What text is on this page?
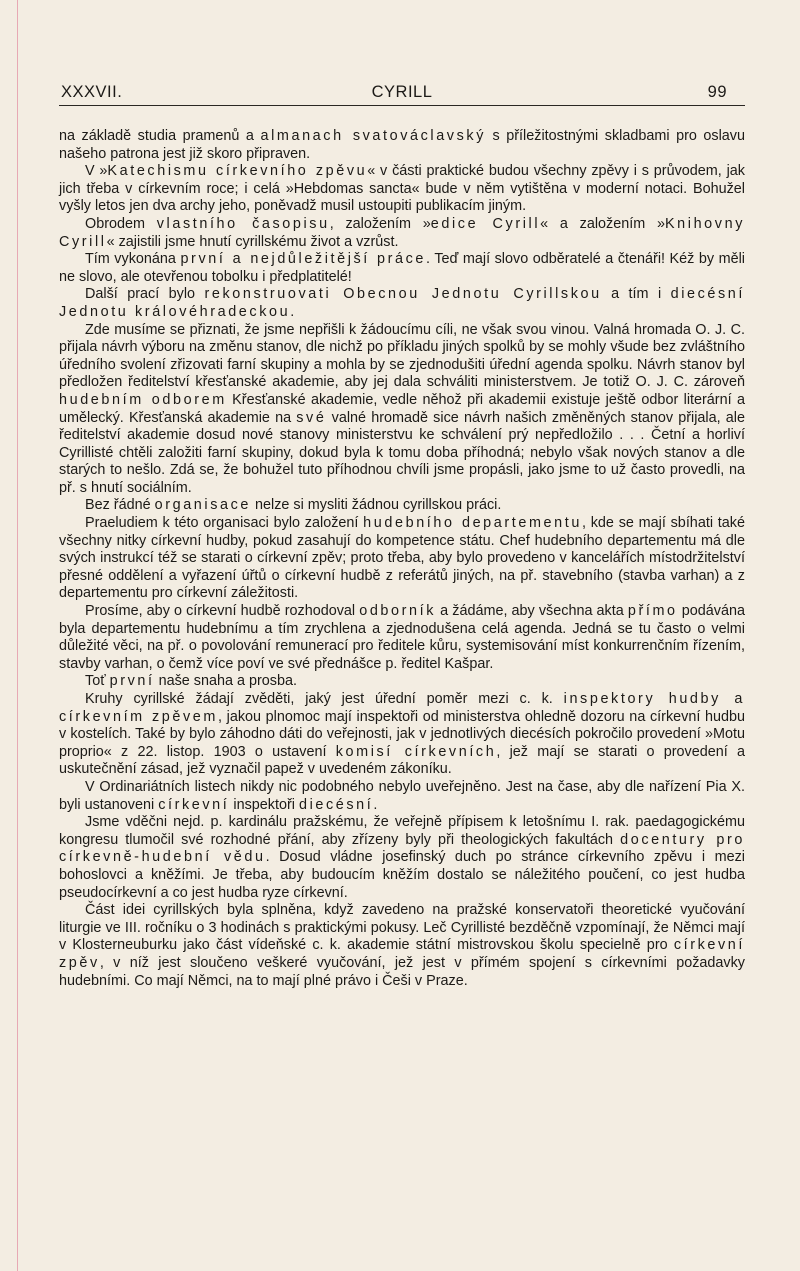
XXXVII.	CYRILL	99

na základě studia pramenů a almanach svatováclavský s příležitostnými skladbami pro oslavu našeho patrona jest již skoro připraven.

V »Katechismu církevního zpěvu« v části praktické budou všechny zpěvy i s průvodem, jak jich třeba v církevním roce; i celá »Hebdomas sancta« bude v něm vytištěna v moderní notaci. Bohužel vyšly letos jen dva archy jeho, poněvadž musil ustoupiti publikacím jiným.

Obrodem vlastního časopisu, založením »edice Cyrill« a založením »Knihovny Cyrill« zajistili jsme hnutí cyrillskému život a vzrůst.

Tím vykonána první a nejdůležitější práce. Teď mají slovo odběratelé a čtenáři! Kéž by měli ne slovo, ale otevřenou tobolku i předplatitelé!

Další prací bylo rekonstruovati Obecnou Jednotu Cyrillskou a tím i diecésní Jednotu královéhradeckou.

Zde musíme se přiznati, že jsme nepřišli k žádoucímu cíli, ne však svou vinou. Valná hromada O. J. C. přijala návrh výboru na změnu stanov, dle nichž po příkladu jiných spolků by se mohly všude bez zvláštního úředního svolení zřizovati farní skupiny a mohla by se zjednodušiti úřední agenda spolku. Návrh stanov byl předložen ředitelství křesťanské akademie, aby jej dala schváliti ministerstvem. Je totiž O. J. C. zároveň hudebním odborem Křesťanské akademie, vedle něhož při akademii existuje ještě odbor literární a umělecký. Křesťanská akademie na své valné hromadě sice návrh našich změněných stanov přijala, ale ředitelství akademie dosud nové stanovy ministerstvu ke schválení prý nepředložilo . . . Četní a horliví Cyrillisté chtěli založiti farní skupiny, dokud byla k tomu doba příhodná; nebylo však nových stanov a dle starých to nešlo. Zdá se, že bohužel tuto příhodnou chvíli jsme propásli, jako jsme to už často provedli, na př. s hnutí sociálním.

Bez řádné organisace nelze si mysliti žádnou cyrillskou práci.

Praeludiem k této organisaci bylo založení hudebního departementu, kde se mají sbíhati také všechny nitky církevní hudby, pokud zasahují do kompetence státu. Chef hudebního departementu má dle svých instrukcí též se starati o církevní zpěv; proto třeba, aby bylo provedeno v kancelářích místodržitelství přesné oddělení a vyřazení úřtů o církevní hudbě z referátů jiných, na př. stavebního (stavba varhan) a z departementu pro církevní záležitosti.

Prosíme, aby o církevní hudbě rozhodoval odborník a žádáme, aby všechna akta přímo podávána byla departementu hudebnímu a tím zrychlena a zjednodušena celá agenda. Jedná se tu často o velmi důležité věci, na př. o povolování remunerací pro ředitele kůru, systemisování míst konkurrenčním řízením, stavby varhan, o čemž více poví ve své přednášce p. ředitel Kašpar.

Toť první naše snaha a prosba.

Kruhy cyrillské žádají zvěděti, jaký jest úřední poměr mezi c. k. inspektory hudby a církevním zpěvem, jakou plnomoc mají inspektoři od ministerstva ohledně dozoru na církevní hudbu v kostelích. Také by bylo záhodno dáti do veřejnosti, jak v jednotlivých diecésích pokročilo provedení »Motu proprio« z 22. listop. 1903 o ustavení komisí církevních, jež mají se starati o provedení a uskutečnění zásad, jež vyznačil papež v uvedeném zákoníku.

V Ordinariátních listech nikdy nic podobného nebylo uveřejněno. Jest na čase, aby dle nařízení Pia X. byli ustanoveni církevní inspektoři diecésní.

Jsme vděčni nejd. p. kardinálu pražskému, že veřejně přípisem k letošnímu I. rak. paedagogickému kongresu tlumočil své rozhodné přání, aby zřízeny byly při theologických fakultách docentury pro církevně-hudební vědu. Dosud vládne josefinský duch po stránce církevního zpěvu i mezi bohoslovci a kněžími. Je třeba, aby budoucím kněžím dostalo se náležitého poučení, co jest hudba pseudocírkevní a co jest hudba ryze církevní.

Část idei cyrillských byla splněna, když zavedeno na pražské konservatoři theoretické vyučování liturgie ve III. ročníku o 3 hodinách s praktickými pokusy. Leč Cyrillisté bezděčně vzpomínají, že Němci mají v Klosterneuburku jako část vídeňské c. k. akademie státní mistrovskou školu specielně pro církevní zpěv, v níž jest sloučeno veškeré vyučování, jež jest v přímém spojení s církevními požadavky hudebními. Co mají Němci, na to mají plné právo i Češi v Praze.
